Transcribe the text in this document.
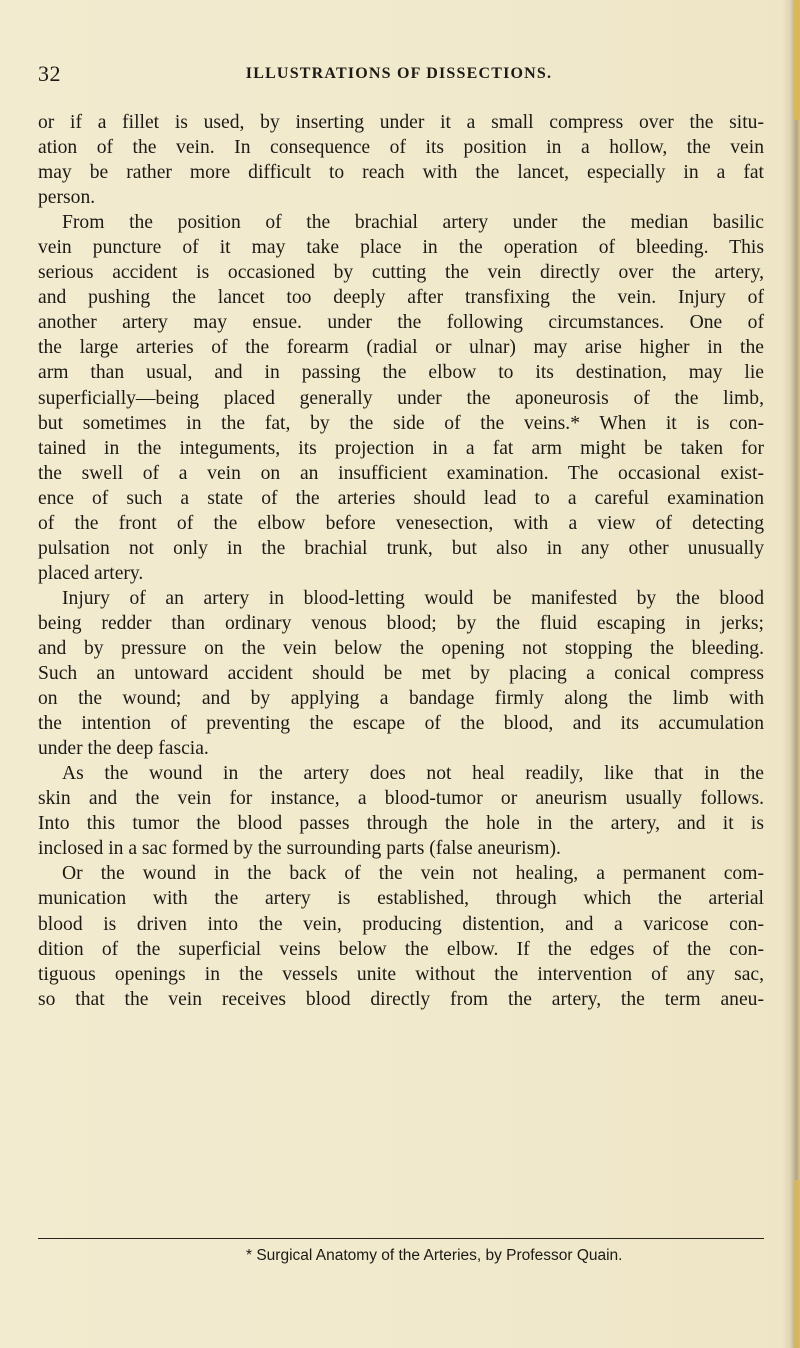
32	ILLUSTRATIONS OF DISSECTIONS.
or if a fillet is used, by inserting under it a small compress over the situ-
ation of the vein. In consequence of its position in a hollow, the vein
may be rather more difficult to reach with the lancet, especially in a fat
person.
From the position of the brachial artery under the median basilic
vein puncture of it may take place in the operation of bleeding. This
serious accident is occasioned by cutting the vein directly over the artery,
and pushing the lancet too deeply after transfixing the vein. Injury of
another artery may ensue. under the following circumstances. One of
the large arteries of the forearm (radial or ulnar) may arise higher in the
arm than usual, and in passing the elbow to its destination, may lie
superficially—being placed generally under the aponeurosis of the limb,
but sometimes in the fat, by the side of the veins.* When it is con-
tained in the integuments, its projection in a fat arm might be taken for
the swell of a vein on an insufficient examination. The occasional exist-
ence of such a state of the arteries should lead to a careful examination
of the front of the elbow before venesection, with a view of detecting
pulsation not only in the brachial trunk, but also in any other unusually
placed artery.
Injury of an artery in blood-letting would be manifested by the blood
being redder than ordinary venous blood; by the fluid escaping in jerks;
and by pressure on the vein below the opening not stopping the bleeding.
Such an untoward accident should be met by placing a conical compress
on the wound; and by applying a bandage firmly along the limb with
the intention of preventing the escape of the blood, and its accumulation
under the deep fascia.
As the wound in the artery does not heal readily, like that in the
skin and the vein for instance, a blood-tumor or aneurism usually follows.
Into this tumor the blood passes through the hole in the artery, and it is
inclosed in a sac formed by the surrounding parts (false aneurism).
Or the wound in the back of the vein not healing, a permanent com-
munication with the artery is established, through which the arterial
blood is driven into the vein, producing distention, and a varicose con-
dition of the superficial veins below the elbow. If the edges of the con-
tiguous openings in the vessels unite without the intervention of any sac,
so that the vein receives blood directly from the artery, the term aneu-
* Surgical Anatomy of the Arteries, by Professor Quain.
